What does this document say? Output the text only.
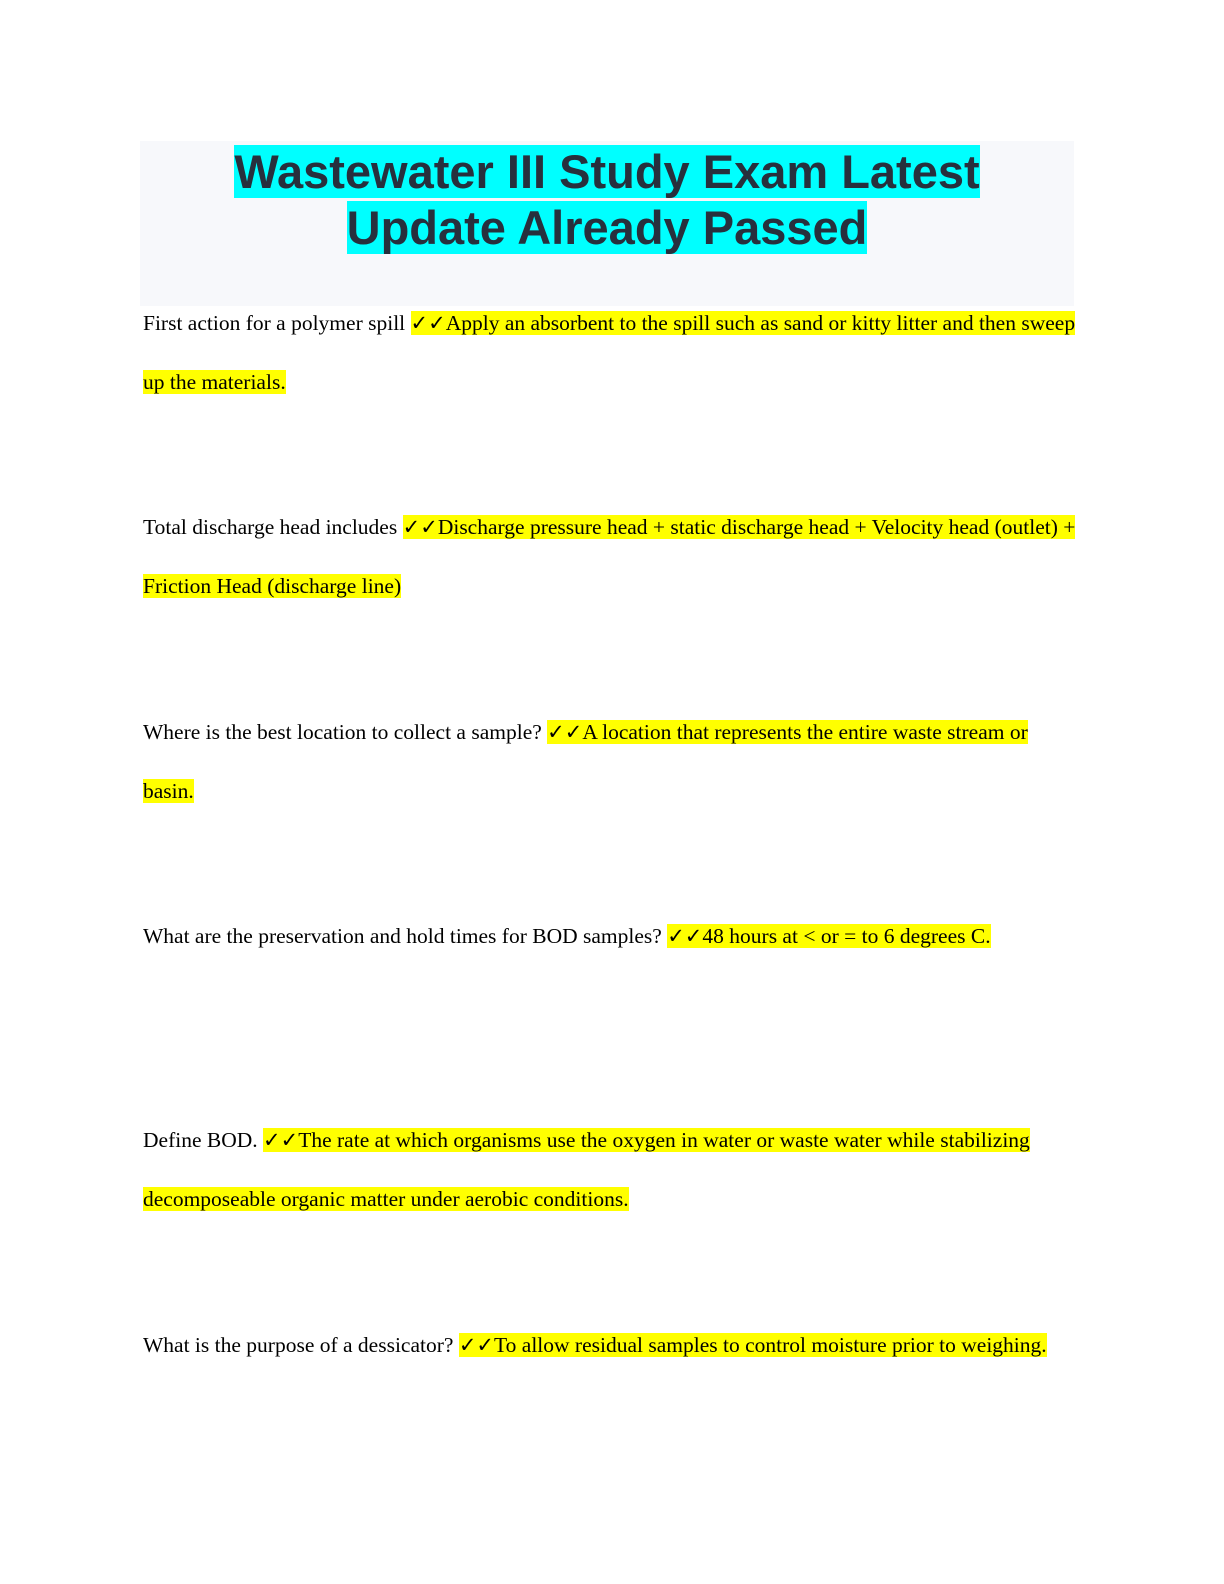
Wastewater III Study Exam Latest
Update Already Passed

First action for a polymer spill ✓✓Apply an absorbent to the spill such as sand or kitty litter and then sweep up the materials.

Total discharge head includes ✓✓Discharge pressure head + static discharge head + Velocity head (outlet) + Friction Head (discharge line)

Where is the best location to collect a sample? ✓✓A location that represents the entire waste stream or basin.

What are the preservation and hold times for BOD samples? ✓✓48 hours at < or = to 6 degrees C.

Define BOD. ✓✓The rate at which organisms use the oxygen in water or waste water while stabilizing decomposeable organic matter under aerobic conditions.

What is the purpose of a dessicator? ✓✓To allow residual samples to control moisture prior to weighing.
